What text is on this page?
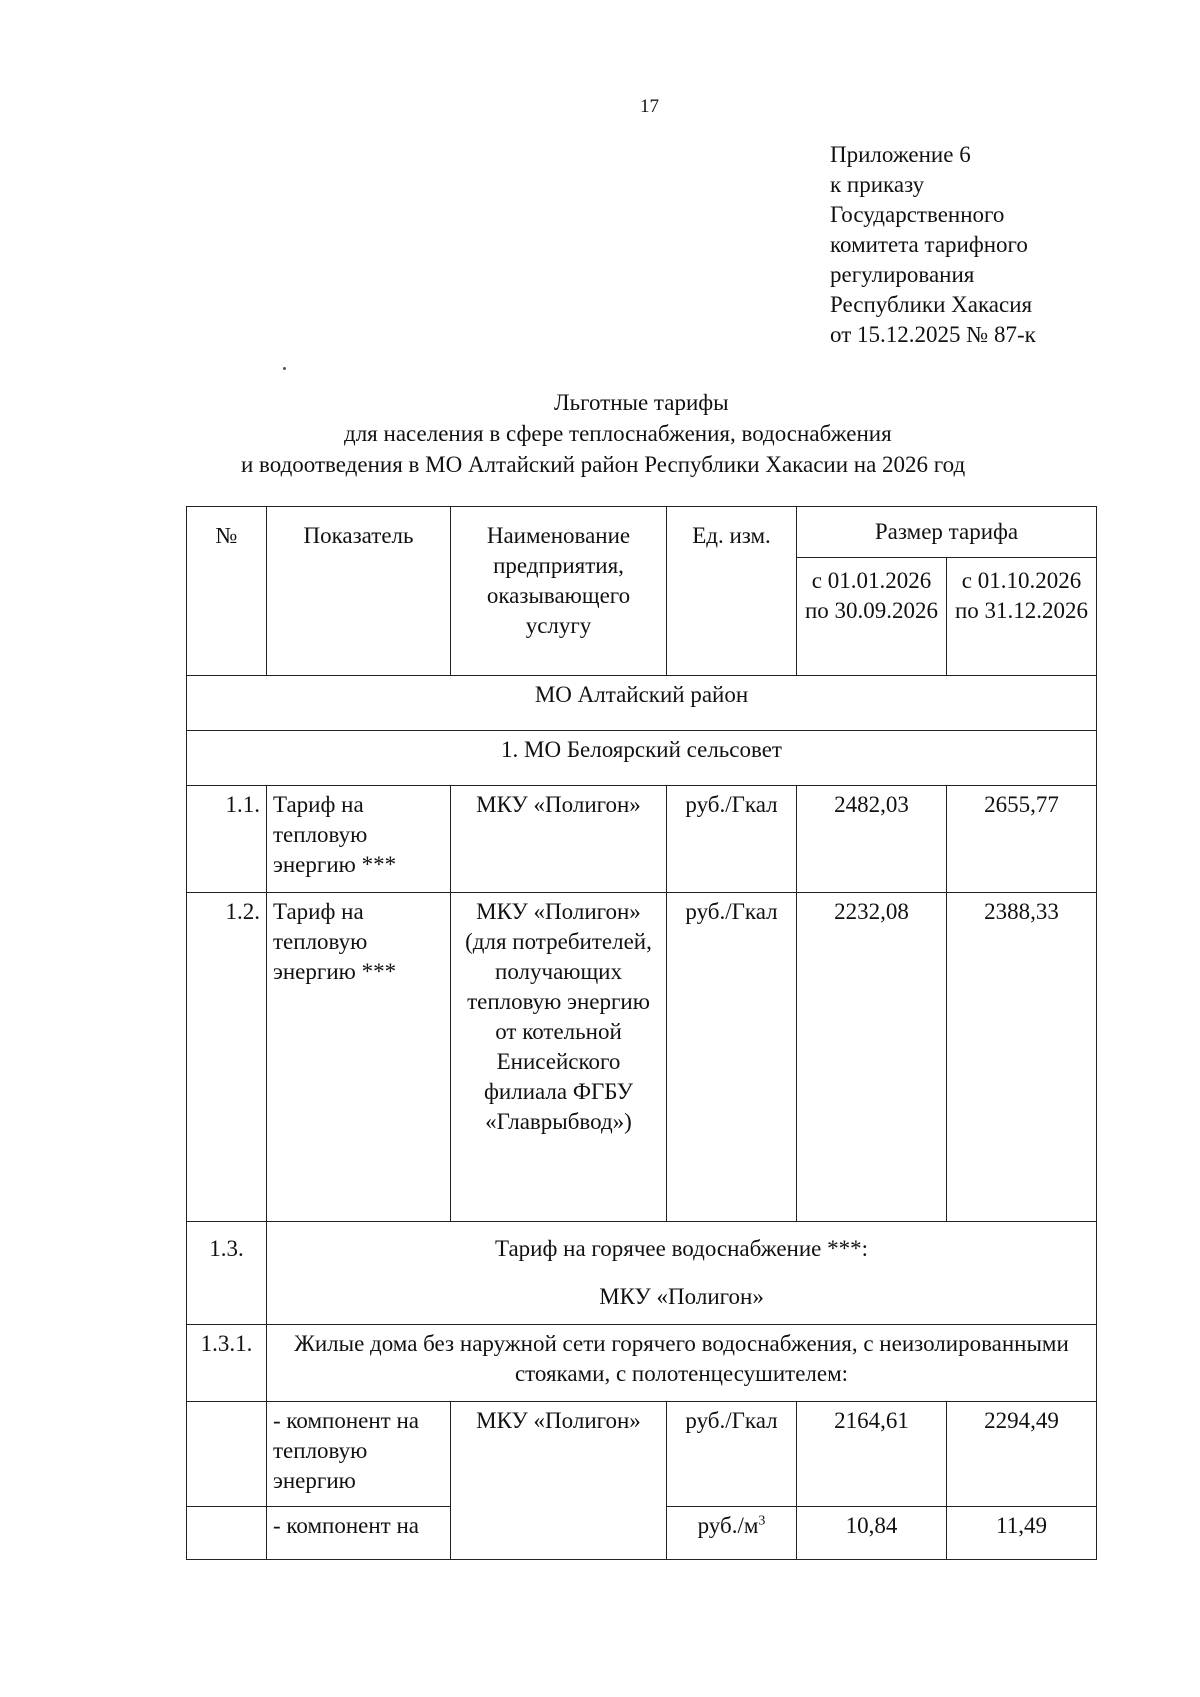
17
Приложение 6
к приказу
Государственного
комитета тарифного
регулирования
Республики Хакасия
от 15.12.2025 № 87-к
Льготные тарифы
для населения в сфере теплоснабжения, водоснабжения
и водоотведения в МО Алтайский район Республики Хакасии на 2026 год
№	Показатель	Наименование предприятия, оказывающего услугу	Ед. изм.	Размер тарифа	
				с 01.01.2026 по 30.09.2026	с 01.10.2026 по 31.12.2026
МО Алтайский район					
1. МО Белоярский сельсовет					
1.1.	Тариф на тепловую энергию ***	МКУ «Полигон»	руб./Гкал	2482,03	2655,77
1.2.	Тариф на тепловую энергию ***	МКУ «Полигон» (для потребителей, получающих тепловую энергию от котельной Енисейского филиала ФГБУ «Главрыбвод»)	руб./Гкал	2232,08	2388,33
1.3.	Тариф на горячее водоснабжение ***:
МКУ «Полигон»				

1.3.1.	Жилые дома без наружной сети горячего водоснабжения, с неизолированными стояками, с полотенцесушителем:				
	- компонент на тепловую энергию	МКУ «Полигон»	руб./Гкал	2164,61	2294,49
	- компонент на		$руб./м^3$	10,84	11,49
